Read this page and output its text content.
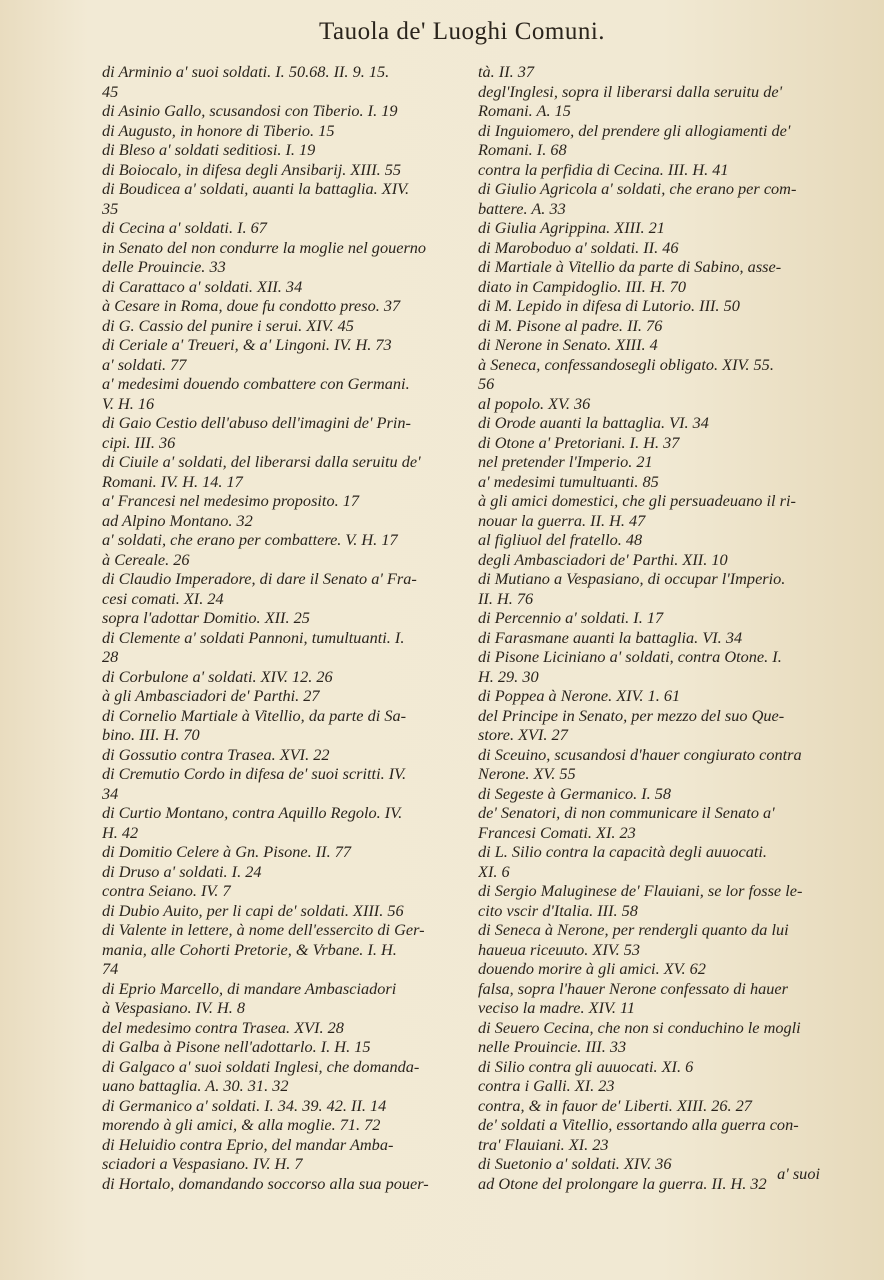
Tauola de' Luoghi Comuni.
di Arminio a' suoi soldati. I. 50.68. II. 9. 15.
45
di Asinio Gallo, scusandosi con Tiberio. I. 19
di Augusto, in honore di Tiberio. 15
di Bleso a' soldati seditiosi. I. 19
di Boiocalo, in difesa degli Ansibarij. XIII. 55
di Boudicea a' soldati, auanti la battaglia. XIV.
35
di Cecina a' soldati. I. 67
in Senato del non condurre la moglie nel gouerno
delle Prouincie. 33
di Carattaco a' soldati. XII. 34
à Cesare in Roma, doue fu condotto preso. 37
di G. Cassio del punire i serui. XIV. 45
di Ceriale a' Treueri, & a' Lingoni. IV. H. 73
a' soldati. 77
a' medesimi douendo combattere con Germani.
V. H. 16
di Gaio Cestio dell'abuso dell'imagini de' Prin-
cipi. III. 36
di Ciuile a' soldati, del liberarsi dalla seruitu de'
Romani. IV. H. 14. 17
a' Francesi nel medesimo proposito. 17
ad Alpino Montano. 32
a' soldati, che erano per combattere. V. H. 17
à Cereale. 26
di Claudio Imperadore, di dare il Senato a' Fra-
cesi comati. XI. 24
sopra l'adottar Domitio. XII. 25
di Clemente a' soldati Pannoni, tumultuanti. I.
28
di Corbulone a' soldati. XIV. 12. 26
à gli Ambasciadori de' Parthi. 27
di Cornelio Martiale à Vitellio, da parte di Sa-
bino. III. H. 70
di Gossutio contra Trasea. XVI. 22
di Cremutio Cordo in difesa de' suoi scritti. IV.
34
di Curtio Montano, contra Aquillo Regolo. IV.
H. 42
di Domitio Celere à Gn. Pisone. II. 77
di Druso a' soldati. I. 24
contra Seiano. IV. 7
di Dubio Auito, per li capi de' soldati. XIII. 56
di Valente in lettere, à nome dell'essercito di Ger-
mania, alle Cohorti Pretorie, & Vrbane. I. H.
74
di Eprio Marcello, di mandare Ambasciadori
à Vespasiano. IV. H. 8
del medesimo contra Trasea. XVI. 28
di Galba à Pisone nell'adottarlo. I. H. 15
di Galgaco a' suoi soldati Inglesi, che domanda-
uano battaglia. A. 30. 31. 32
di Germanico a' soldati. I. 34. 39. 42. II. 14
morendo à gli amici, & alla moglie. 71. 72
di Heluidio contra Eprio, del mandar Amba-
sciadori a Vespasiano. IV. H. 7
di Hortalo, domandando soccorso alla sua pouer-
tà. II. 37
degl'Inglesi, sopra il liberarsi dalla seruitu de'
Romani. A. 15
di Inguiomero, del prendere gli allogiamenti de'
Romani. I. 68
contra la perfidia di Cecina. III. H. 41
di Giulio Agricola a' soldati, che erano per com-
battere. A. 33
di Giulia Agrippina. XIII. 21
di Maroboduo a' soldati. II. 46
di Martiale à Vitellio da parte di Sabino, asse-
diato in Campidoglio. III. H. 70
di M. Lepido in difesa di Lutorio. III. 50
di M. Pisone al padre. II. 76
di Nerone in Senato. XIII. 4
à Seneca, confessandosegli obligato. XIV. 55.
56
al popolo. XV. 36
di Orode auanti la battaglia. VI. 34
di Otone a' Pretoriani. I. H. 37
nel pretender l'Imperio. 21
a' medesimi tumultuanti. 85
à gli amici domestici, che gli persuadeuano il ri-
nouar la guerra. II. H. 47
al figliuol del fratello. 48
degli Ambasciadori de' Parthi. XII. 10
di Mutiano a Vespasiano, di occupar l'Imperio.
II. H. 76
di Percennio a' soldati. I. 17
di Farasmane auanti la battaglia. VI. 34
di Pisone Liciniano a' soldati, contra Otone. I.
H. 29. 30
di Poppea à Nerone. XIV. 1. 61
del Principe in Senato, per mezzo del suo Que-
store. XVI. 27
di Sceuino, scusandosi d'hauer congiurato contra
Nerone. XV. 55
di Segeste à Germanico. I. 58
de' Senatori, di non communicare il Senato a'
Francesi Comati. XI. 23
di L. Silio contra la capacità degli auuocati.
XI. 6
di Sergio Maluginese de' Flauiani, se lor fosse le-
cito vscir d'Italia. III. 58
di Seneca à Nerone, per rendergli quanto da lui
haueua riceuuto. XIV. 53
douendo morire à gli amici. XV. 62
falsa, sopra l'hauer Nerone confessato di hauer
veciso la madre. XIV. 11
di Seuero Cecina, che non si conduchino le mogli
nelle Prouincie. III. 33
di Silio contra gli auuocati. XI. 6
contra i Galli. XI. 23
contra, & in fauor de' Liberti. XIII. 26. 27
de' soldati a Vitellio, essortando alla guerra con-
tra' Flauiani. XI. 23
di Suetonio a' soldati. XIV. 36
ad Otone del prolongare la guerra. II. H. 32 a' suoi
